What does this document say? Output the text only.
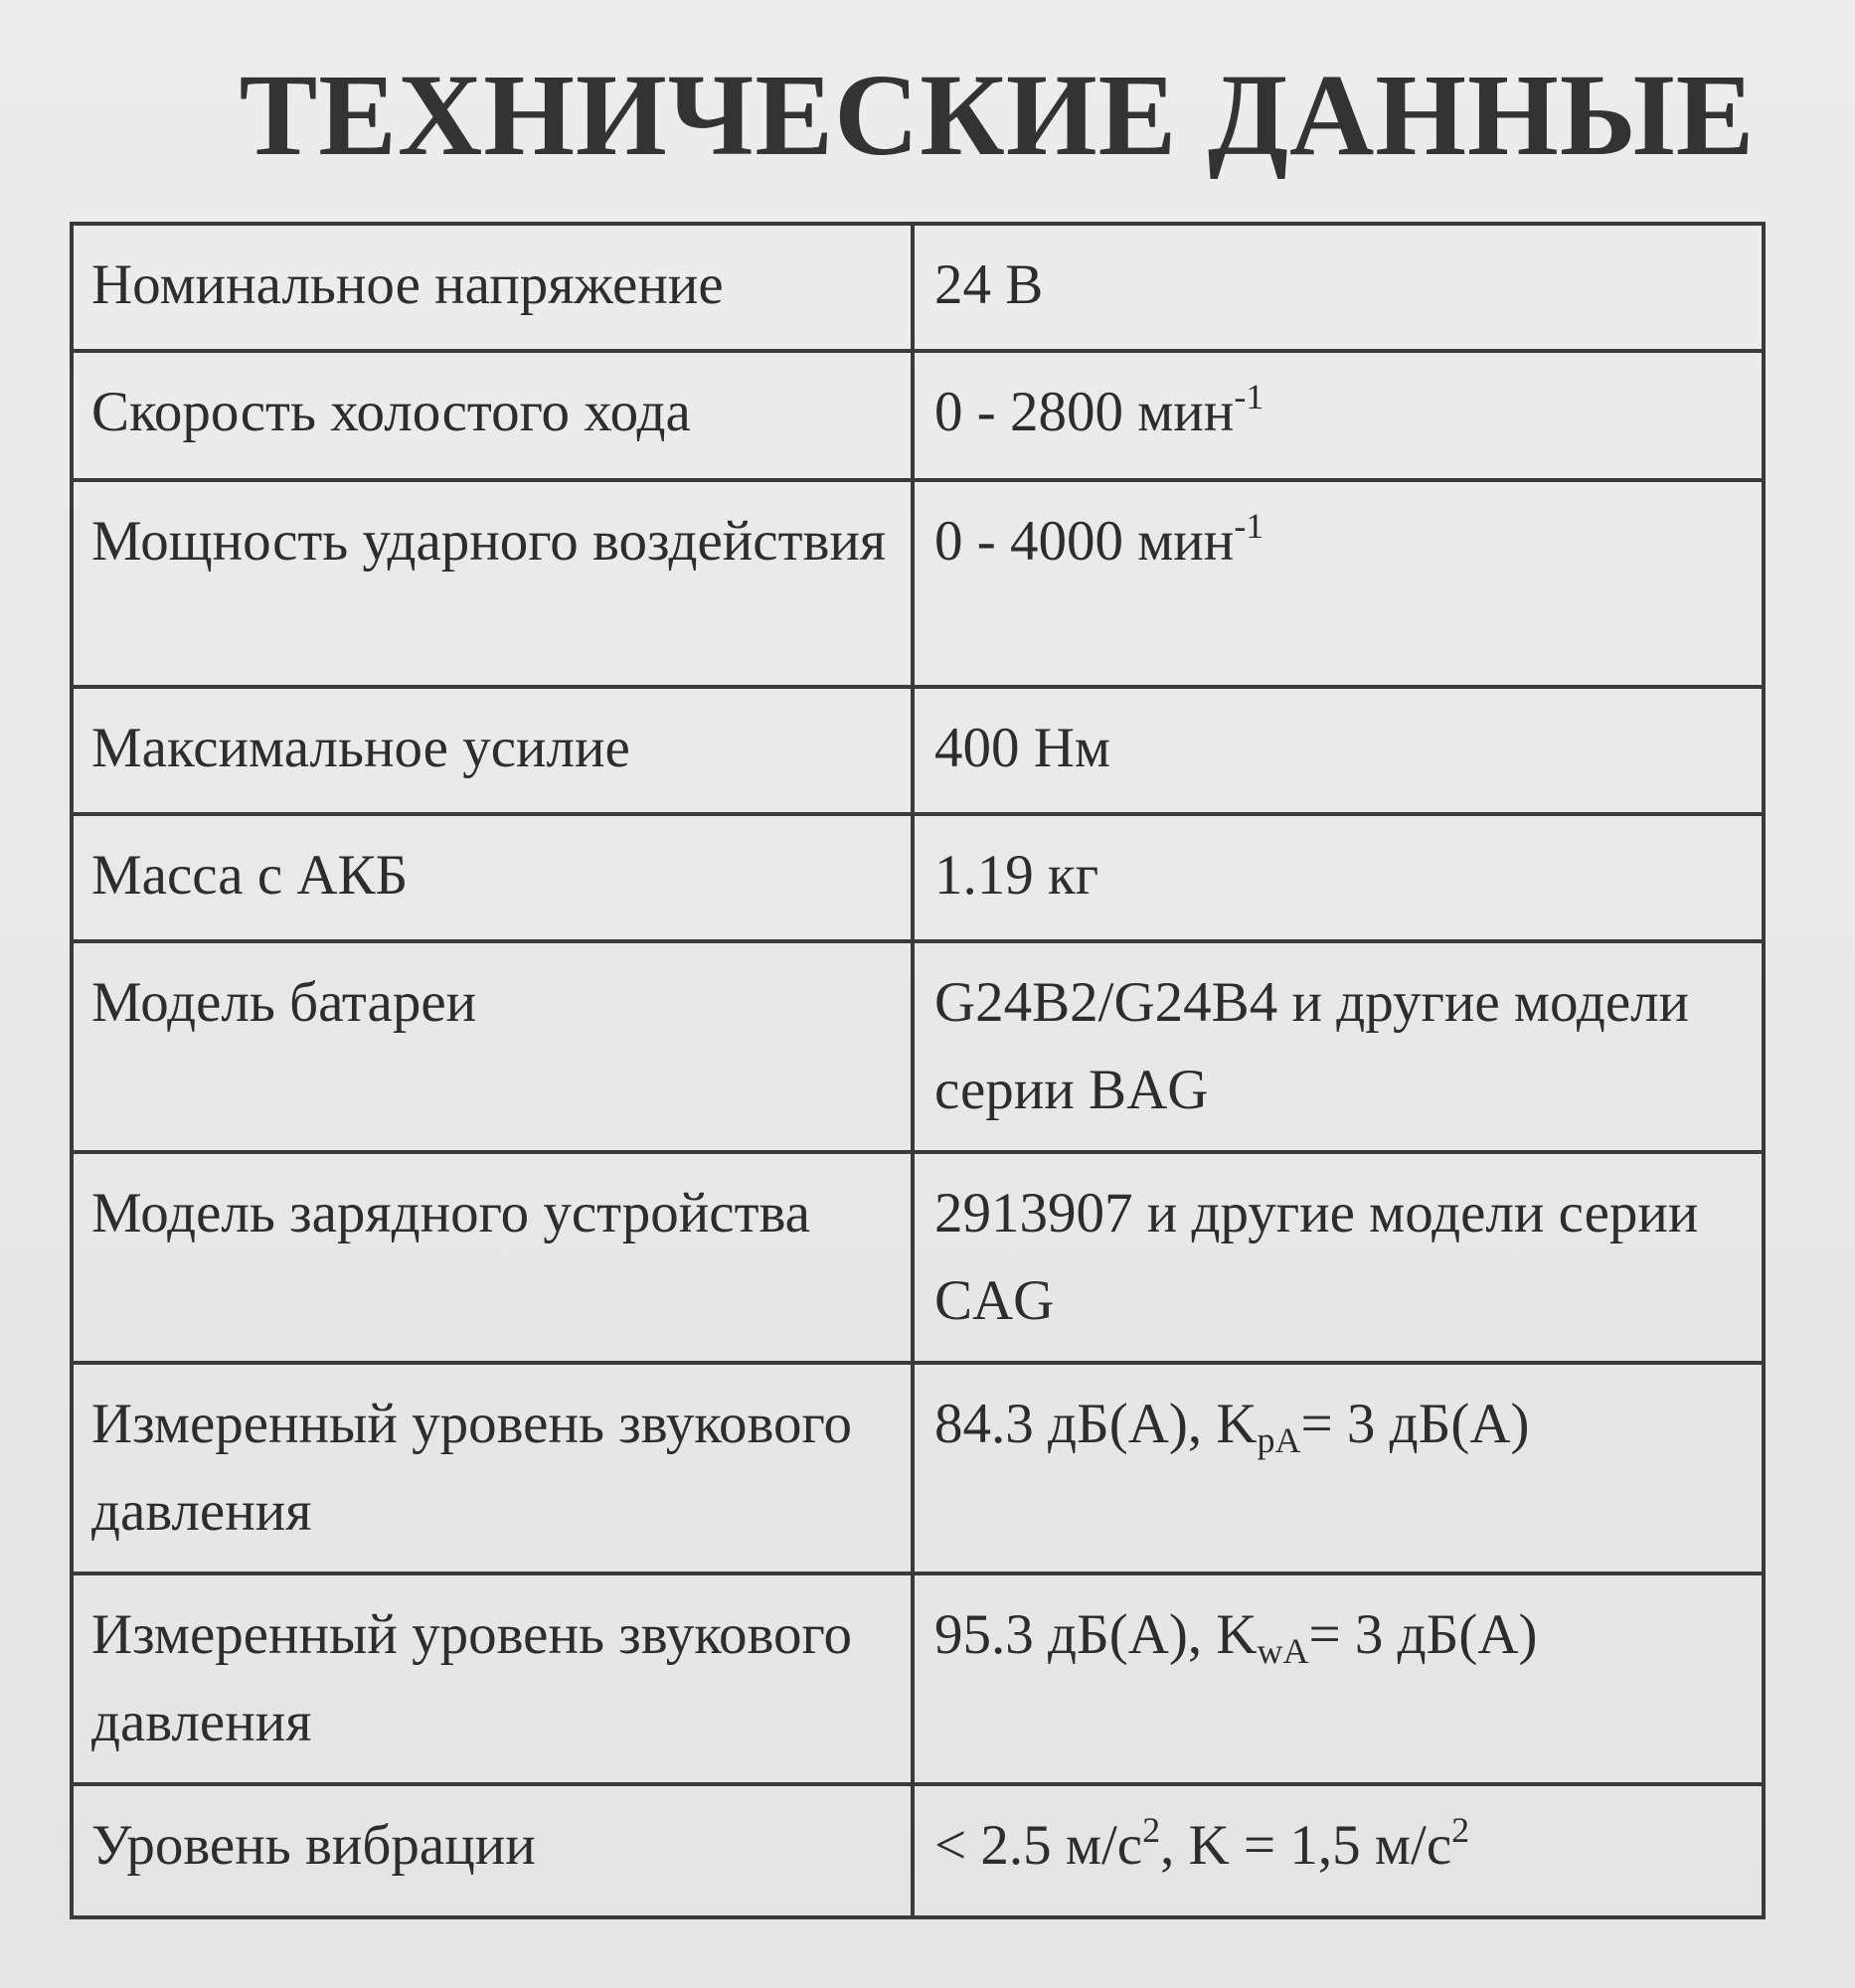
ТЕХНИЧЕСКИЕ ДАННЫЕ
Номинальное напряжение	24 В
Скорость холостого хода	0 - 2800 мин$^{-1}$
Мощность ударного воздействия	0 - 4000 мин$^{-1}$
Максимальное усилие	400 Нм
Масса с АКБ	1.19 кг
Модель батареи	G24B2/G24B4 и другие модели серии BAG
Модель зарядного устройства	2913907 и другие модели серии CAG
Измеренный уровень звукового давления	84.3 дБ(A), $K_{pA}= 3$ дБ(A)
Измеренный уровень звукового давления	95.3 дБ(A), $K_{wA}= 3$ дБ(A)
Уровень вибрации	< 2.5 $м/с^2$, K = 1,5 $м/с^2$
